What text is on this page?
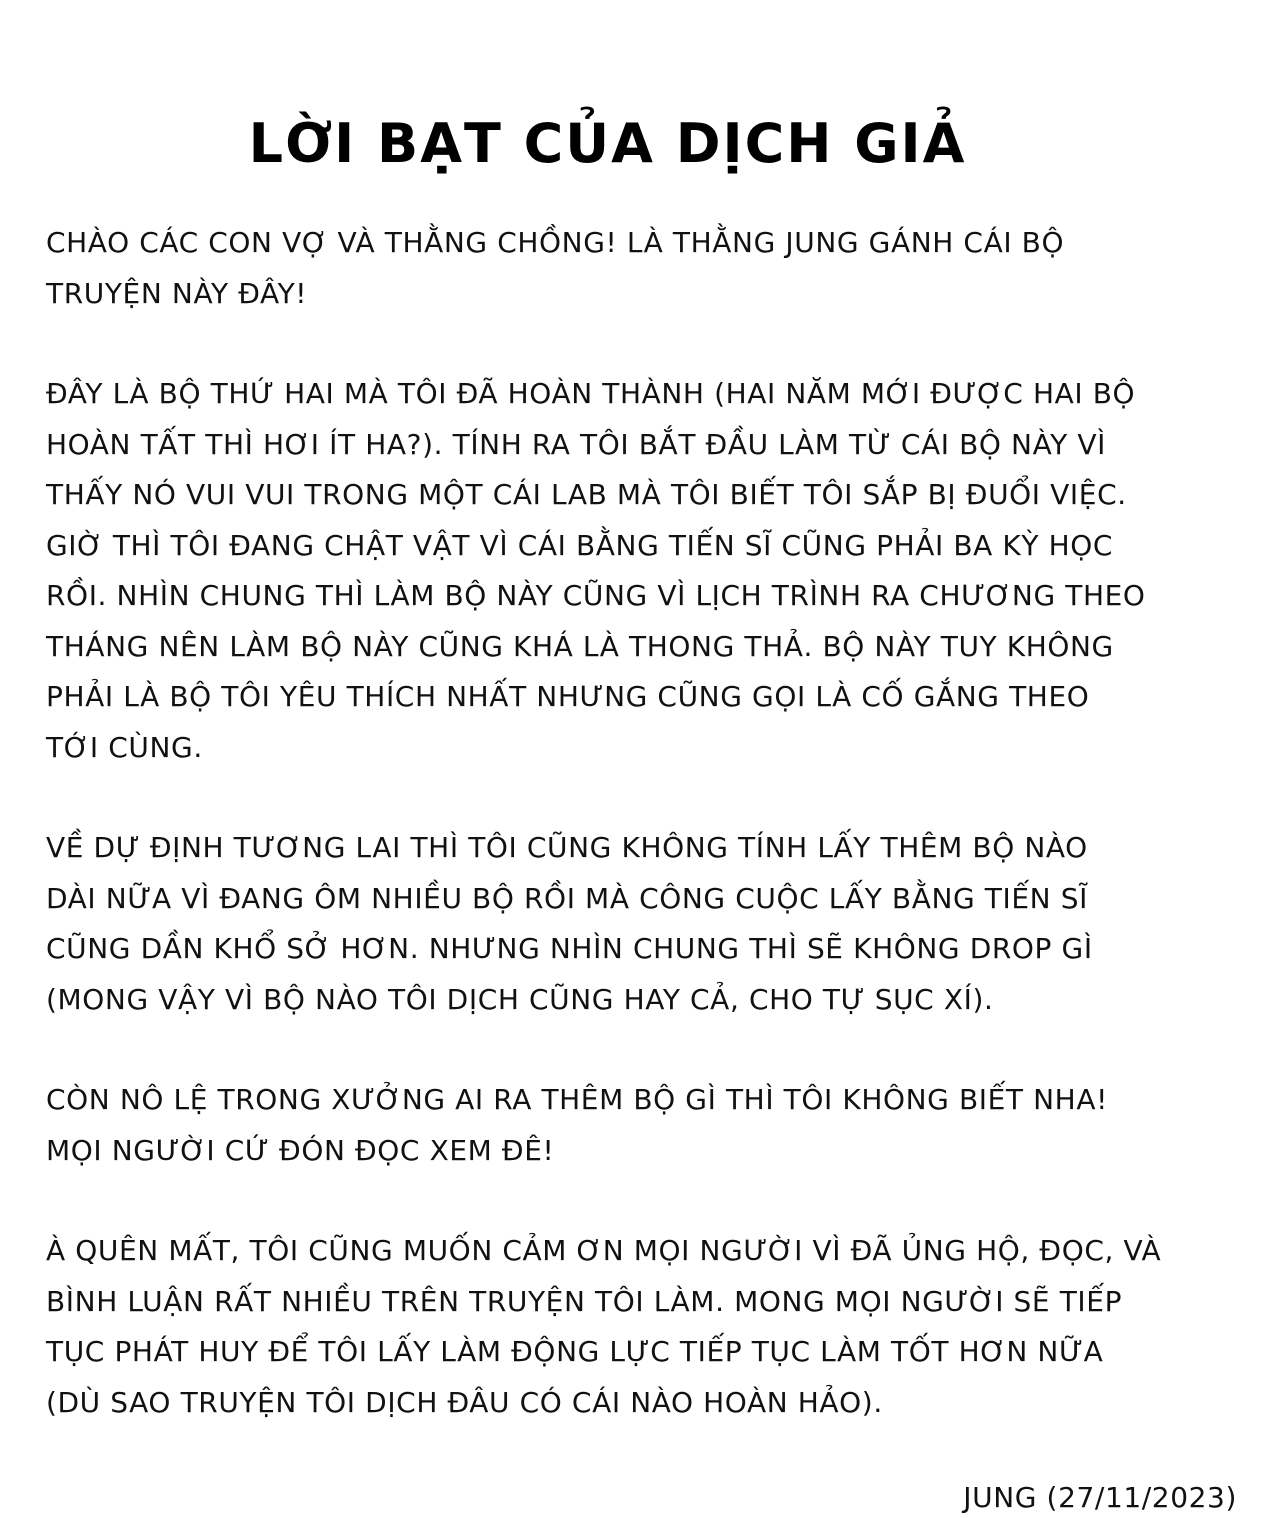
LỜI BẠT CỦA DỊCH GIẢ
CHÀO CÁC CON VỢ VÀ THẰNG CHỒNG! LÀ THẰNG JUNG GÁNH CÁI BỘ
TRUYỆN NÀY ĐÂY!
ĐÂY LÀ BỘ THỨ HAI MÀ TÔI ĐÃ HOÀN THÀNH (HAI NĂM MỚI ĐƯỢC HAI BỘ
HOÀN TẤT THÌ HƠI ÍT HA?). TÍNH RA TÔI BẮT ĐẦU LÀM TỪ CÁI BỘ NÀY VÌ
THẤY NÓ VUI VUI TRONG MỘT CÁI LAB MÀ TÔI BIẾT TÔI SẮP BỊ ĐUỔI VIỆC.
GIỜ THÌ TÔI ĐANG CHẬT VẬT VÌ CÁI BẰNG TIẾN SĨ CŨNG PHẢI BA KỲ HỌC
RỒI. NHÌN CHUNG THÌ LÀM BỘ NÀY CŨNG VÌ LỊCH TRÌNH RA CHƯƠNG THEO
THÁNG NÊN LÀM BỘ NÀY CŨNG KHÁ LÀ THONG THẢ. BỘ NÀY TUY KHÔNG
PHẢI LÀ BỘ TÔI YÊU THÍCH NHẤT NHƯNG CŨNG GỌI LÀ CỐ GẮNG THEO
TỚI CÙNG.
VỀ DỰ ĐỊNH TƯƠNG LAI THÌ TÔI CŨNG KHÔNG TÍNH LẤY THÊM BỘ NÀO
DÀI NỮA VÌ ĐANG ÔM NHIỀU BỘ RỒI MÀ CÔNG CUỘC LẤY BẰNG TIẾN SĨ
CŨNG DẦN KHỔ SỞ HƠN. NHƯNG NHÌN CHUNG THÌ SẼ KHÔNG DROP GÌ
(MONG VẬY VÌ BỘ NÀO TÔI DỊCH CŨNG HAY CẢ, CHO TỰ SỤC XÍ).
CÒN NÔ LỆ TRONG XƯỞNG AI RA THÊM BỘ GÌ THÌ TÔI KHÔNG BIẾT NHA!
MỌI NGƯỜI CỨ ĐÓN ĐỌC XEM ĐÊ!
À QUÊN MẤT, TÔI CŨNG MUỐN CẢM ƠN MỌI NGƯỜI VÌ ĐÃ ỦNG HỘ, ĐỌC, VÀ
BÌNH LUẬN RẤT NHIỀU TRÊN TRUYỆN TÔI LÀM. MONG MỌI NGƯỜI SẼ TIẾP
TỤC PHÁT HUY ĐỂ TÔI LẤY LÀM ĐỘNG LỰC TIẾP TỤC LÀM TỐT HƠN NỮA
(DÙ SAO TRUYỆN TÔI DỊCH ĐÂU CÓ CÁI NÀO HOÀN HẢO).
JUNG (27/11/2023)
